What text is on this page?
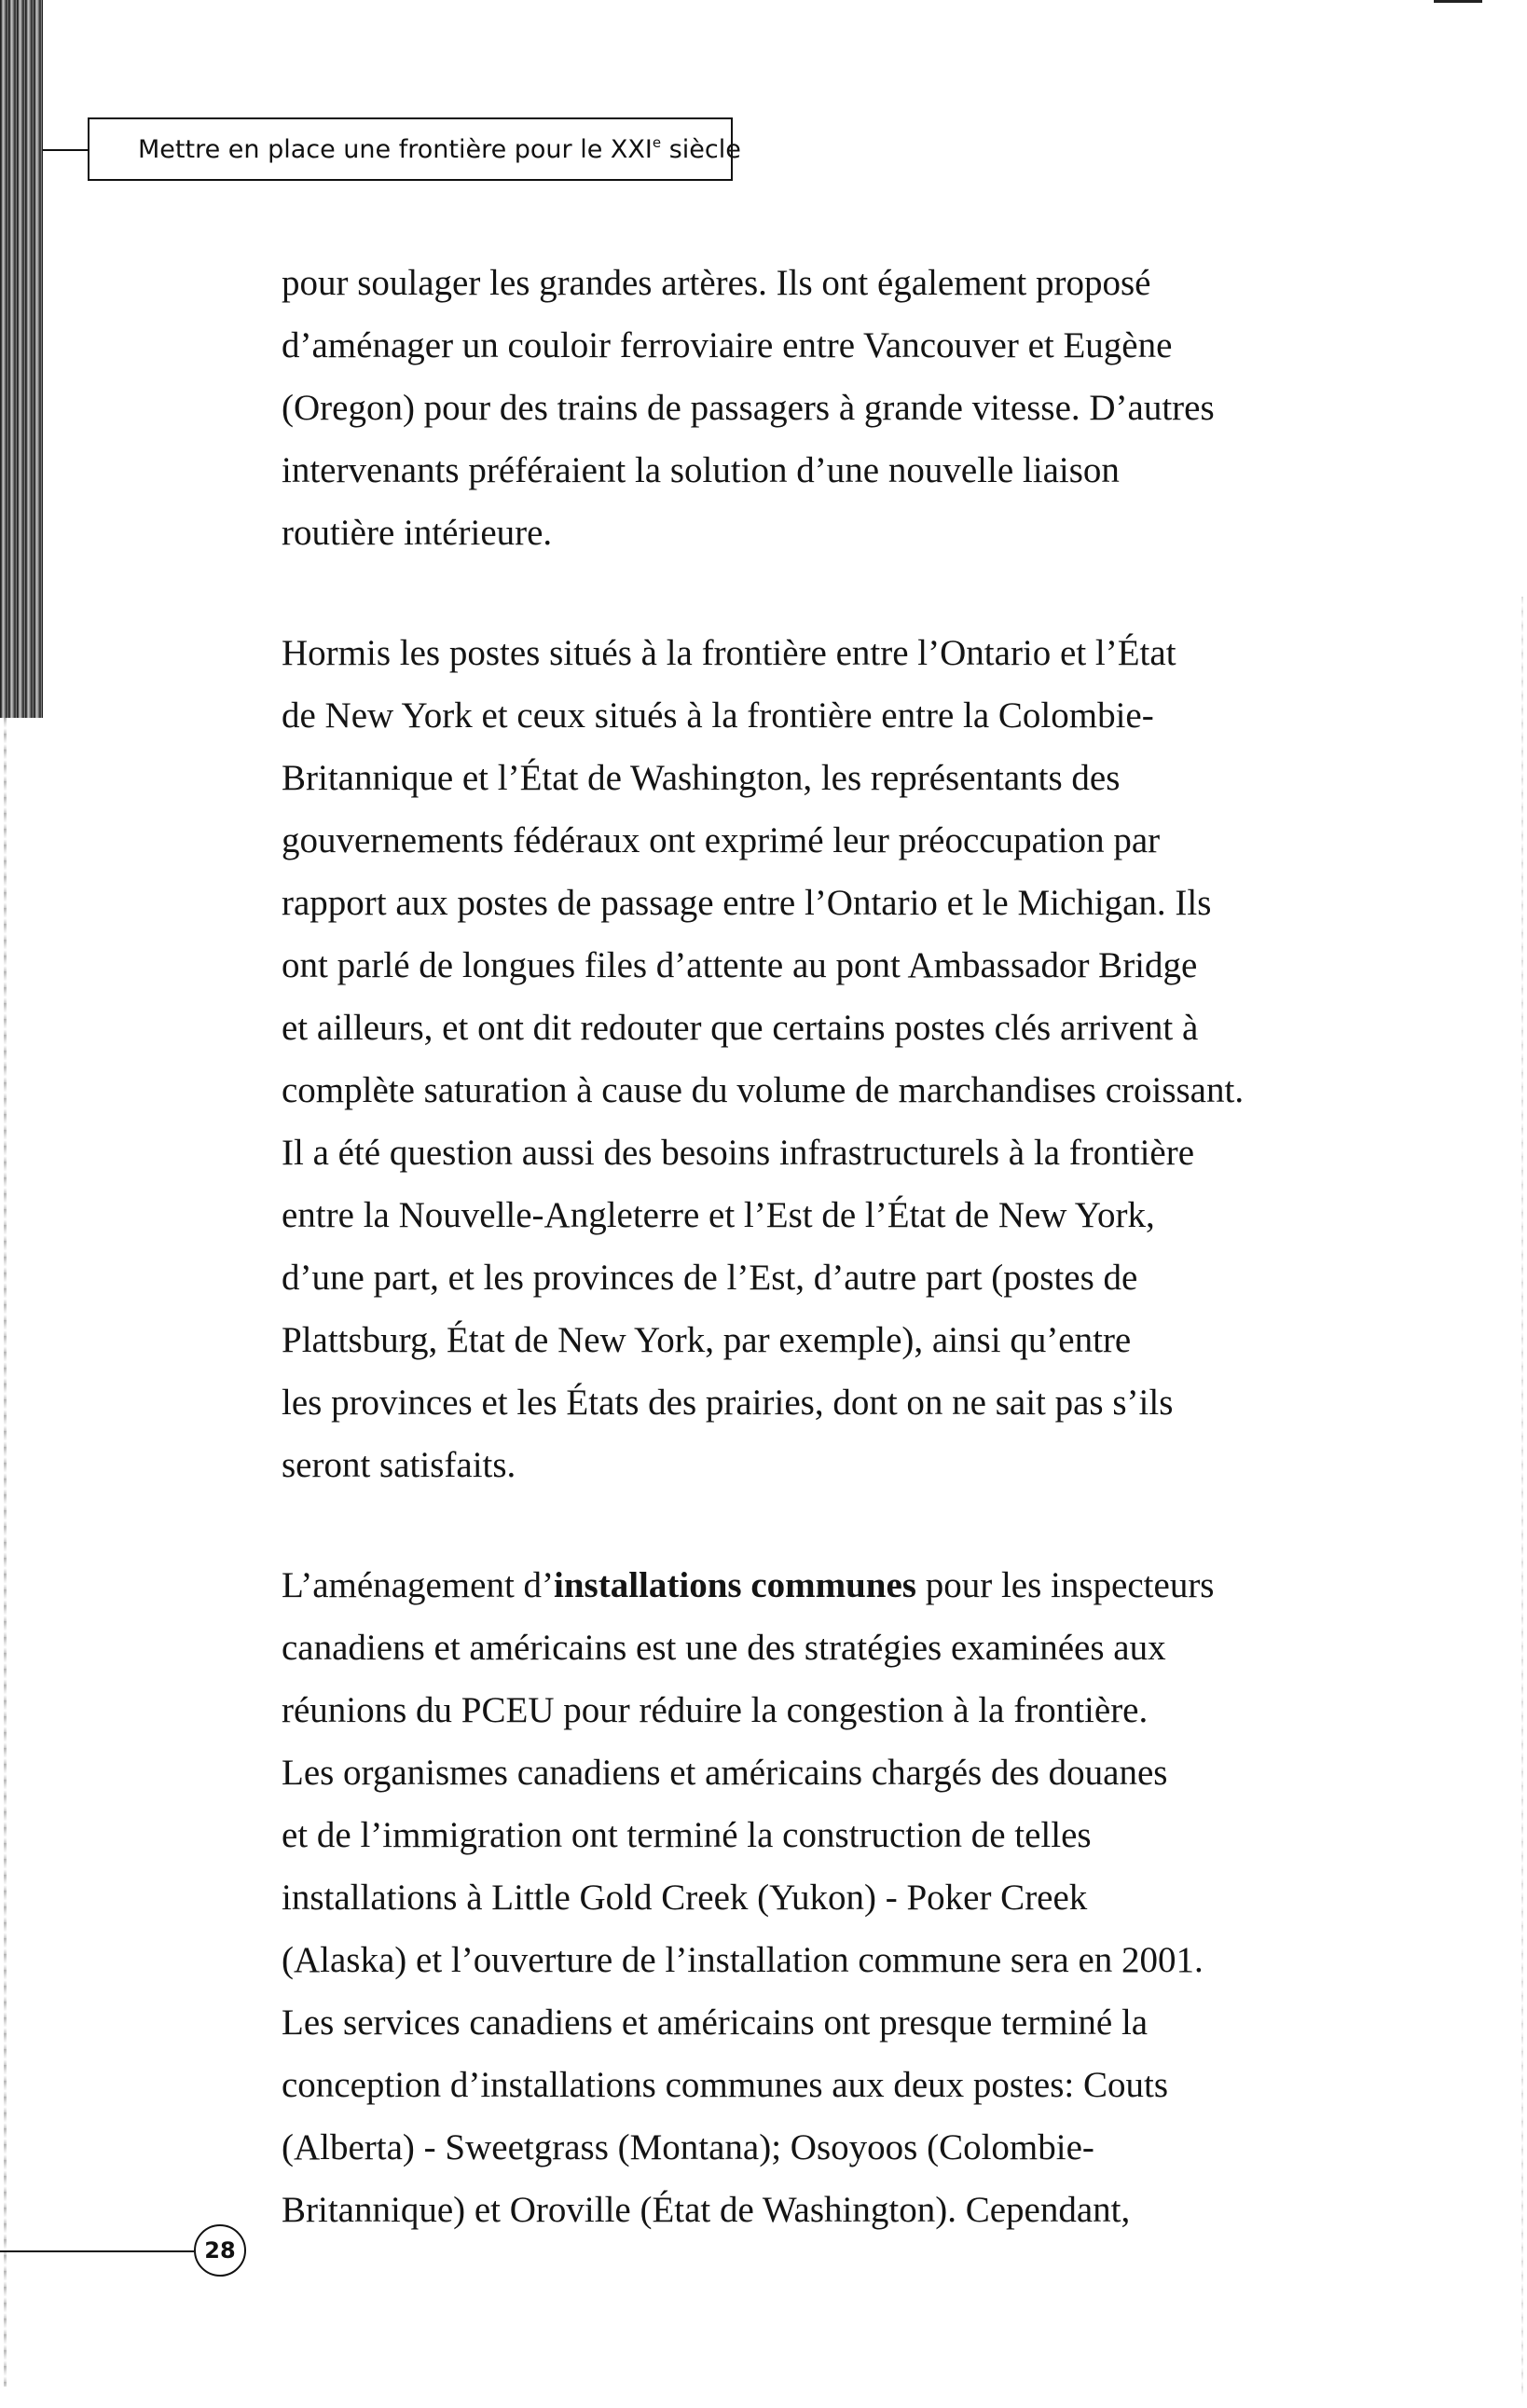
Mettre en place une frontière pour le XXIe siècle

pour soulager les grandes artères. Ils ont également proposé
d’aménager un couloir ferroviaire entre Vancouver et Eugène
(Oregon) pour des trains de passagers à grande vitesse. D’autres
intervenants préféraient la solution d’une nouvelle liaison
routière intérieure.

Hormis les postes situés à la frontière entre l’Ontario et l’État
de New York et ceux situés à la frontière entre la Colombie-
Britannique et l’État de Washington, les représentants des
gouvernements fédéraux ont exprimé leur préoccupation par
rapport aux postes de passage entre l’Ontario et le Michigan. Ils
ont parlé de longues files d’attente au pont Ambassador Bridge
et ailleurs, et ont dit redouter que certains postes clés arrivent à
complète saturation à cause du volume de marchandises croissant.
Il a été question aussi des besoins infrastructurels à la frontière
entre la Nouvelle-Angleterre et l’Est de l’État de New York,
d’une part, et les provinces de l’Est, d’autre part (postes de
Plattsburg, État de New York, par exemple), ainsi qu’entre
les provinces et les États des prairies, dont on ne sait pas s’ils
seront satisfaits.

L’aménagement d’installations communes pour les inspecteurs
canadiens et américains est une des stratégies examinées aux
réunions du PCEU pour réduire la congestion à la frontière.
Les organismes canadiens et américains chargés des douanes
et de l’immigration ont terminé la construction de telles
installations à Little Gold Creek (Yukon) - Poker Creek
(Alaska) et l’ouverture de l’installation commune sera en 2001.
Les services canadiens et américains ont presque terminé la
conception d’installations communes aux deux postes: Couts
(Alberta) - Sweetgrass (Montana); Osoyoos (Colombie-
Britannique) et Oroville (État de Washington). Cependant,

28
